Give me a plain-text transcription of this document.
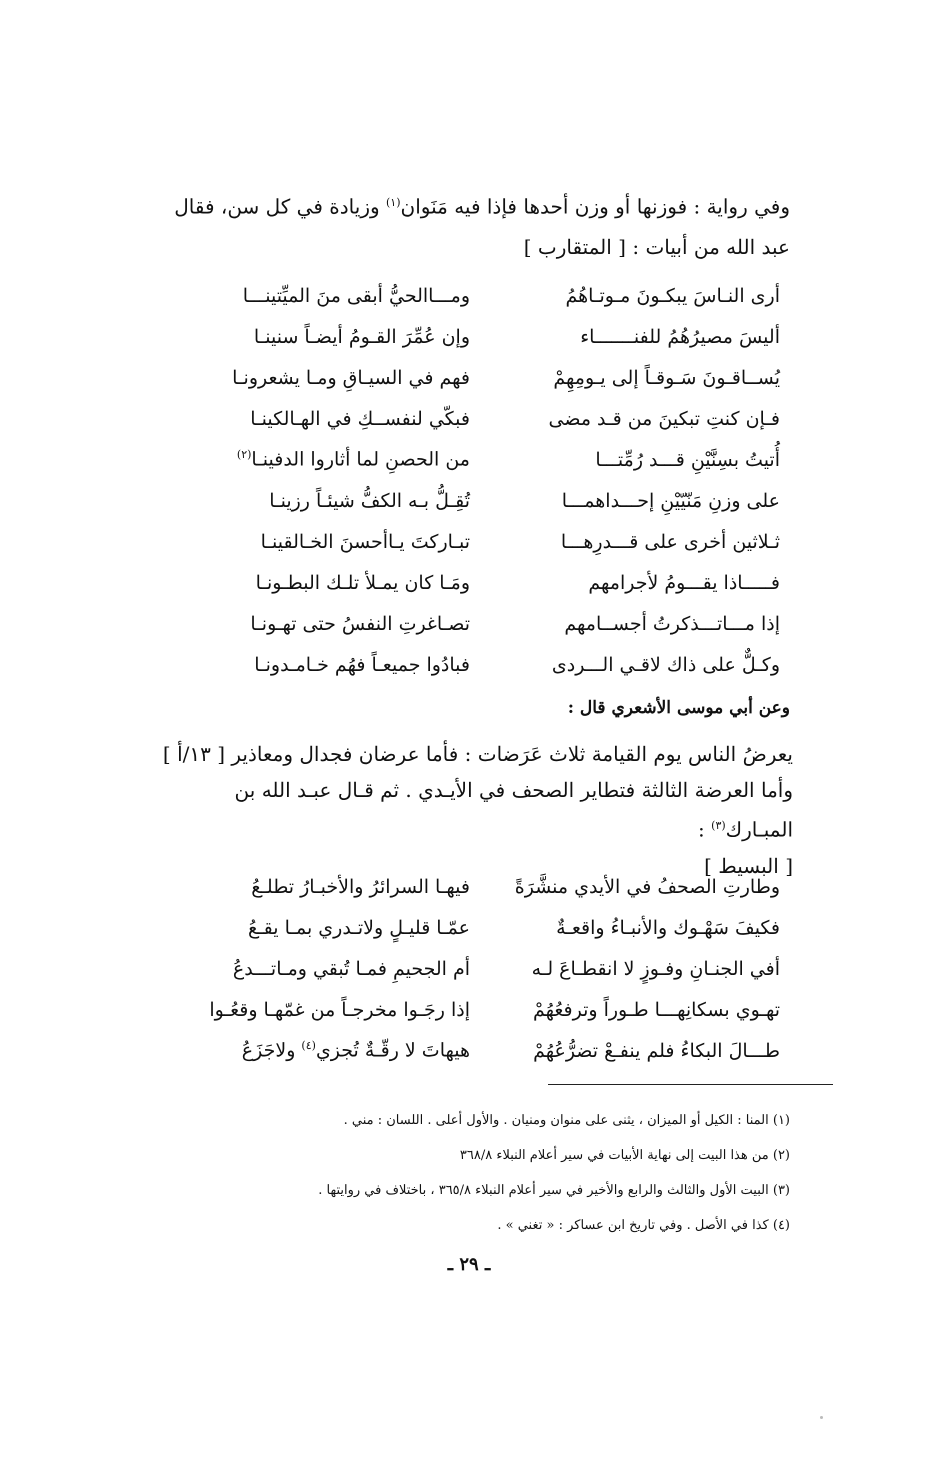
وفي رواية : فوزنها أو وزن أحدها فإذا فيه مَنَوان$^{(١)}$ وزيادة في كل سن، فقال
عبد الله من أبيات : [ المتقارب ]
أرى النـاسَ يبكـونَ مـوتـاهُمُ
ومـــاالحيُّ أبقى منَ الميِّتينـــا
أليسَ مصيرُهُمُ للفنـــــــاء
وإن عُمِّرَ القـومُ أيضـاً سنينـا
يُســاقـونَ سَـوقـاً إلى يـومِهِمْ
فهم في السيـاقِ ومـا يشعرونـا
فـإن كنتِ تبكينَ من قـد مضى
فبكّي لنفســكِ في الهـالكينـا
أُتيتُ بسِنَّيْنِ قـــد رُمِّتـــا
من الحصنِ لما أثاروا الدفينـا$^{(٢)}$
على وزنِ مَنّيّيْنِ إحـــداهمـــا
تُقِـلُّ بـه الكفُّ شيئـاً رزينـا
ثـلاثين أخرى على قـــدرِهـــا
تبـاركتَ يـاأحسنَ الخـالقينـا
فـــــاذا يقـــومُ لأجرامهم
ومَـا كان يمـلأ تلـك البطـونـا
إذا مـــاتـــذكرتُ أجســامهم
تصـاغرتِ النفسُ حتى تهـونـا
وكـلٌّ على ذاك لاقـي الـــردى
فبادُوا جميعـاً فهُم خـامـدونـا
وعن أبي موسى الأشعري قال :
يعرضُ الناس يوم القيامة ثلاث عَرَضات : فأما عرضان فجدال ومعاذير [ ١٣/أ ]
وأما العرضة الثالثة فتطاير الصحف في الأيـدي . ثم قـال عبـد الله بن المبـارك$^{(٣)}$ :
[ البسيط ]
وطارتِ الصحفُ في الأيدي منشَّرَةً
فيهـا السرائرُ والأخبـارُ تطلـعُ
فكيفَ سَهْـوك والأنبـاءُ واقعـةٌ
عمّـا قليـلٍ ولاتـدري بمـا يقـعُ
أفي الجنـانِ وفـوزٍ لا انقطـاعَ لـه
أم الجحيمِ فمـا تُبقي ومـاتـــدعُ
تهـوي بسكانِهـــا طـوراً وترفعُهُمْ
إذا رجَـوا مخرجـاً من غمّهـا وقعُـوا
طـــالَ البكاءُ فلم ينفـعْ تضرُّعُهُمْ
هيهاتَ لا رقّـةٌ تُجزي$^{(٤)}$ ولاجَزَعُ
(١) المنا : الكيل أو الميزان ، يثنى على منوان ومنيان . والأول أعلى . اللسان : مني .
(٢) من هذا البيت إلى نهاية الأبيات في سير أعلام النبلاء ٣٦٨/٨
(٣) البيت الأول والثالث والرابع والأخير في سير أعلام النبلاء ٣٦٥/٨ ، باختلاف في روايتها .
(٤) كذا في الأصل . وفي تاريخ ابن عساكر : « تغني » .
ـ ٢٩ ـ
